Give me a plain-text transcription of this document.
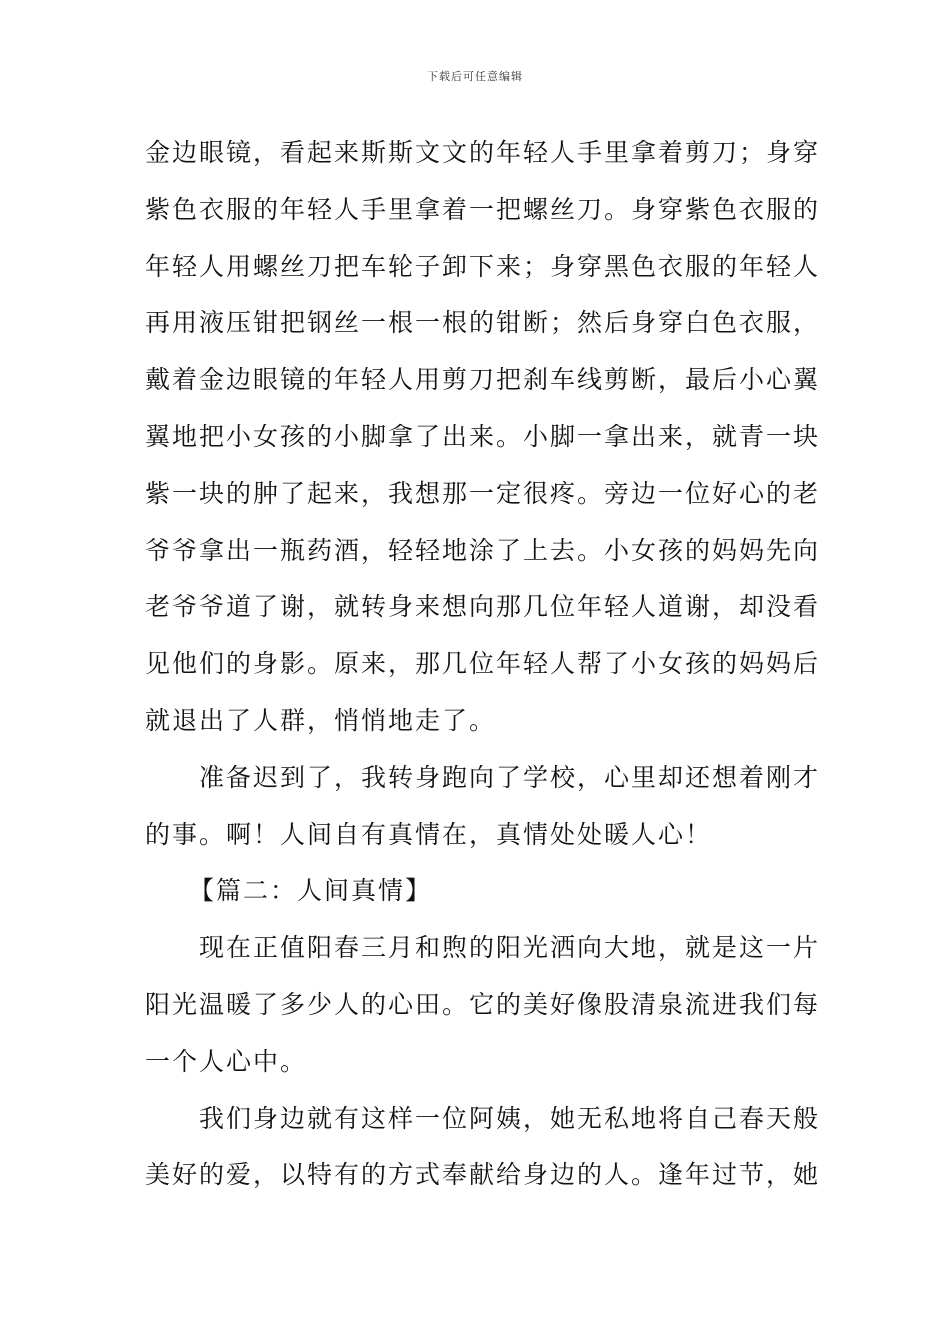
下载后可任意编辑
金边眼镜，看起来斯斯文文的年轻人手里拿着剪刀；身穿
紫色衣服的年轻人手里拿着一把螺丝刀。身穿紫色衣服的
年轻人用螺丝刀把车轮子卸下来；身穿黑色衣服的年轻人
再用液压钳把钢丝一根一根的钳断；然后身穿白色衣服，
戴着金边眼镜的年轻人用剪刀把刹车线剪断，最后小心翼
翼地把小女孩的小脚拿了出来。小脚一拿出来，就青一块
紫一块的肿了起来，我想那一定很疼。旁边一位好心的老
爷爷拿出一瓶药酒，轻轻地涂了上去。小女孩的妈妈先向
老爷爷道了谢，就转身来想向那几位年轻人道谢，却没看
见他们的身影。原来，那几位年轻人帮了小女孩的妈妈后
就退出了人群，悄悄地走了。
准备迟到了，我转身跑向了学校，心里却还想着刚才
的事。啊！人间自有真情在，真情处处暖人心！
【篇二：人间真情】
现在正值阳春三月和煦的阳光洒向大地，就是这一片
阳光温暖了多少人的心田。它的美好像股清泉流进我们每
一个人心中。
我们身边就有这样一位阿姨，她无私地将自己春天般
美好的爱，以特有的方式奉献给身边的人。逢年过节，她
